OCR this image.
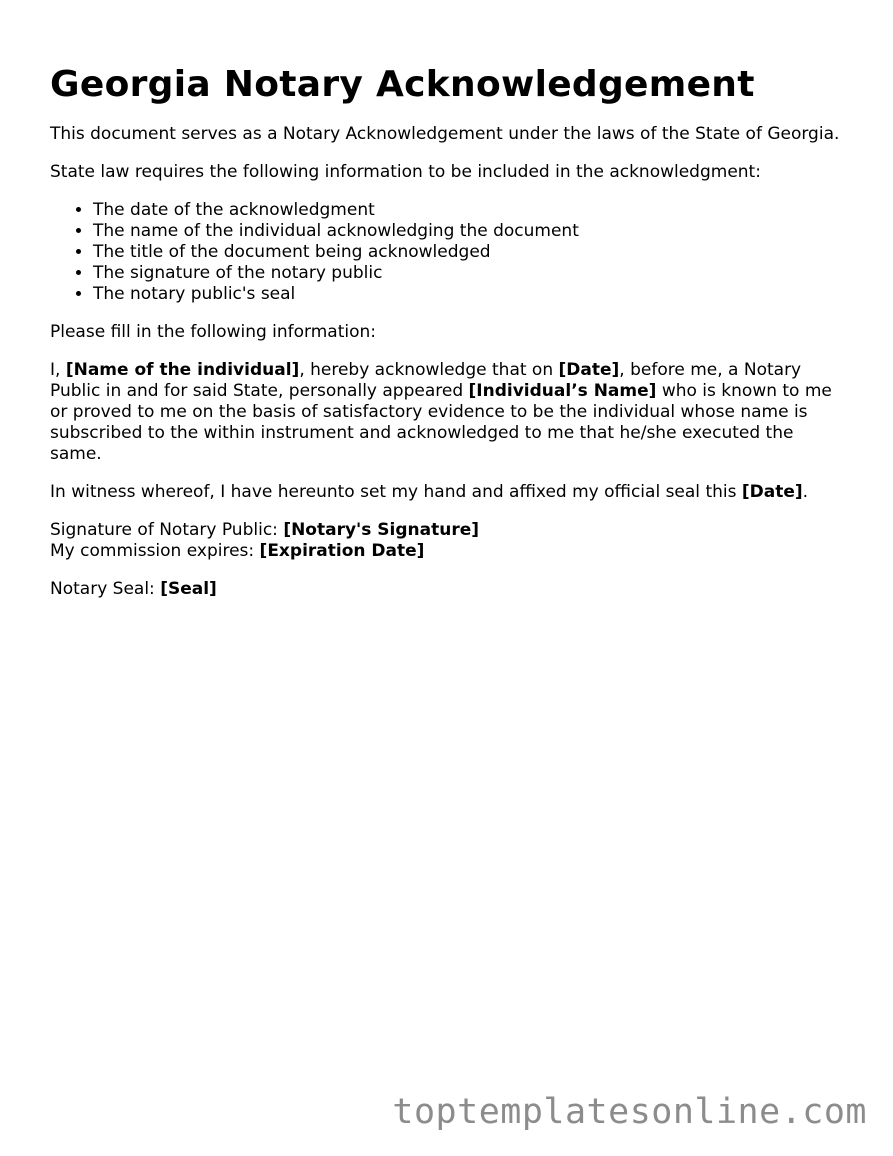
Georgia Notary Acknowledgement

This document serves as a Notary Acknowledgement under the laws of the State of Georgia.

State law requires the following information to be included in the acknowledgment:

• The date of the acknowledgment
• The name of the individual acknowledging the document
• The title of the document being acknowledged
• The signature of the notary public
• The notary public's seal

Please fill in the following information:

I, [Name of the individual], hereby acknowledge that on [Date], before me, a Notary Public in and for said State, personally appeared [Individual’s Name] who is known to me or proved to me on the basis of satisfactory evidence to be the individual whose name is subscribed to the within instrument and acknowledged to me that he/she executed the same.

In witness whereof, I have hereunto set my hand and affixed my official seal this [Date].

Signature of Notary Public: [Notary's Signature]
My commission expires: [Expiration Date]

Notary Seal: [Seal]

toptemplatesonline.com
